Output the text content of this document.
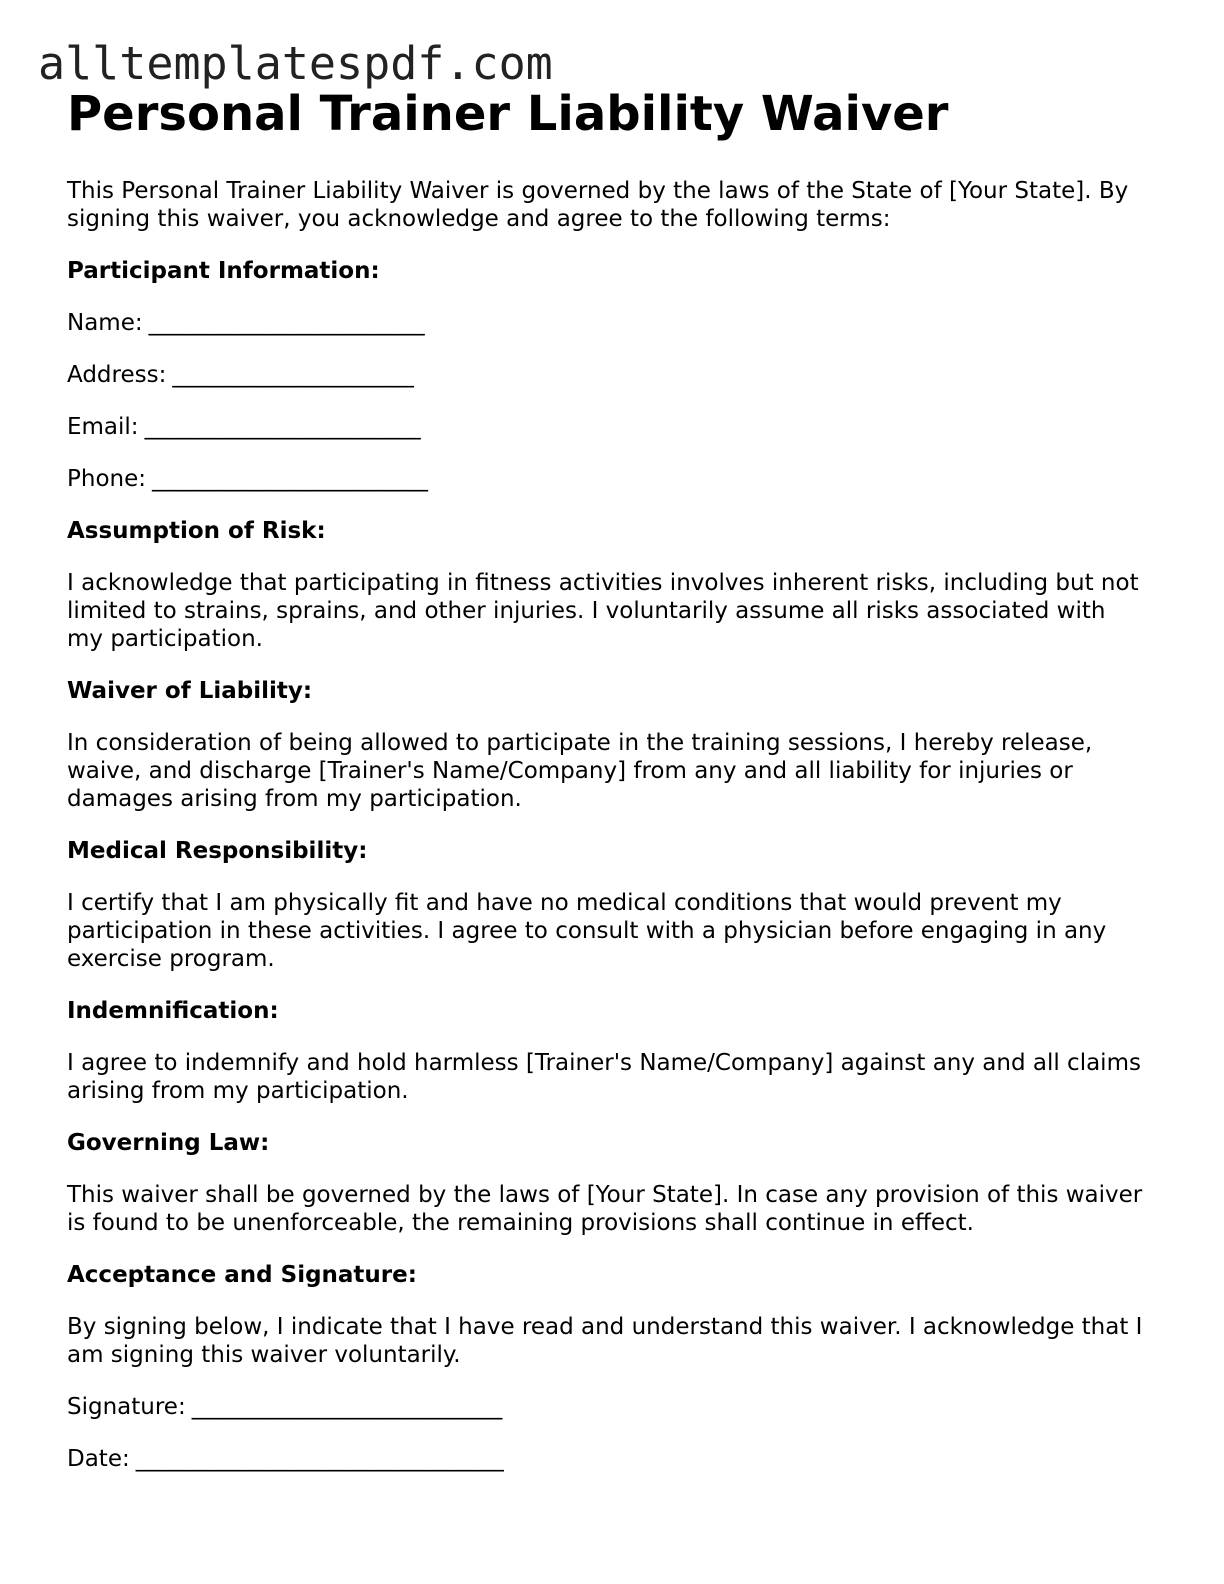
alltemplatespdf.com
Personal Trainer Liability Waiver

This Personal Trainer Liability Waiver is governed by the laws of the State of [Your State]. By signing this waiver, you acknowledge and agree to the following terms:

Participant Information:

Name: ________________________

Address: _____________________

Email: ________________________

Phone: ________________________

Assumption of Risk:

I acknowledge that participating in fitness activities involves inherent risks, including but not limited to strains, sprains, and other injuries. I voluntarily assume all risks associated with my participation.

Waiver of Liability:

In consideration of being allowed to participate in the training sessions, I hereby release, waive, and discharge [Trainer's Name/Company] from any and all liability for injuries or damages arising from my participation.

Medical Responsibility:

I certify that I am physically fit and have no medical conditions that would prevent my participation in these activities. I agree to consult with a physician before engaging in any exercise program.

Indemnification:

I agree to indemnify and hold harmless [Trainer's Name/Company] against any and all claims arising from my participation.

Governing Law:

This waiver shall be governed by the laws of [Your State]. In case any provision of this waiver is found to be unenforceable, the remaining provisions shall continue in effect.

Acceptance and Signature:

By signing below, I indicate that I have read and understand this waiver. I acknowledge that I am signing this waiver voluntarily.

Signature: ___________________________

Date: ________________________________
